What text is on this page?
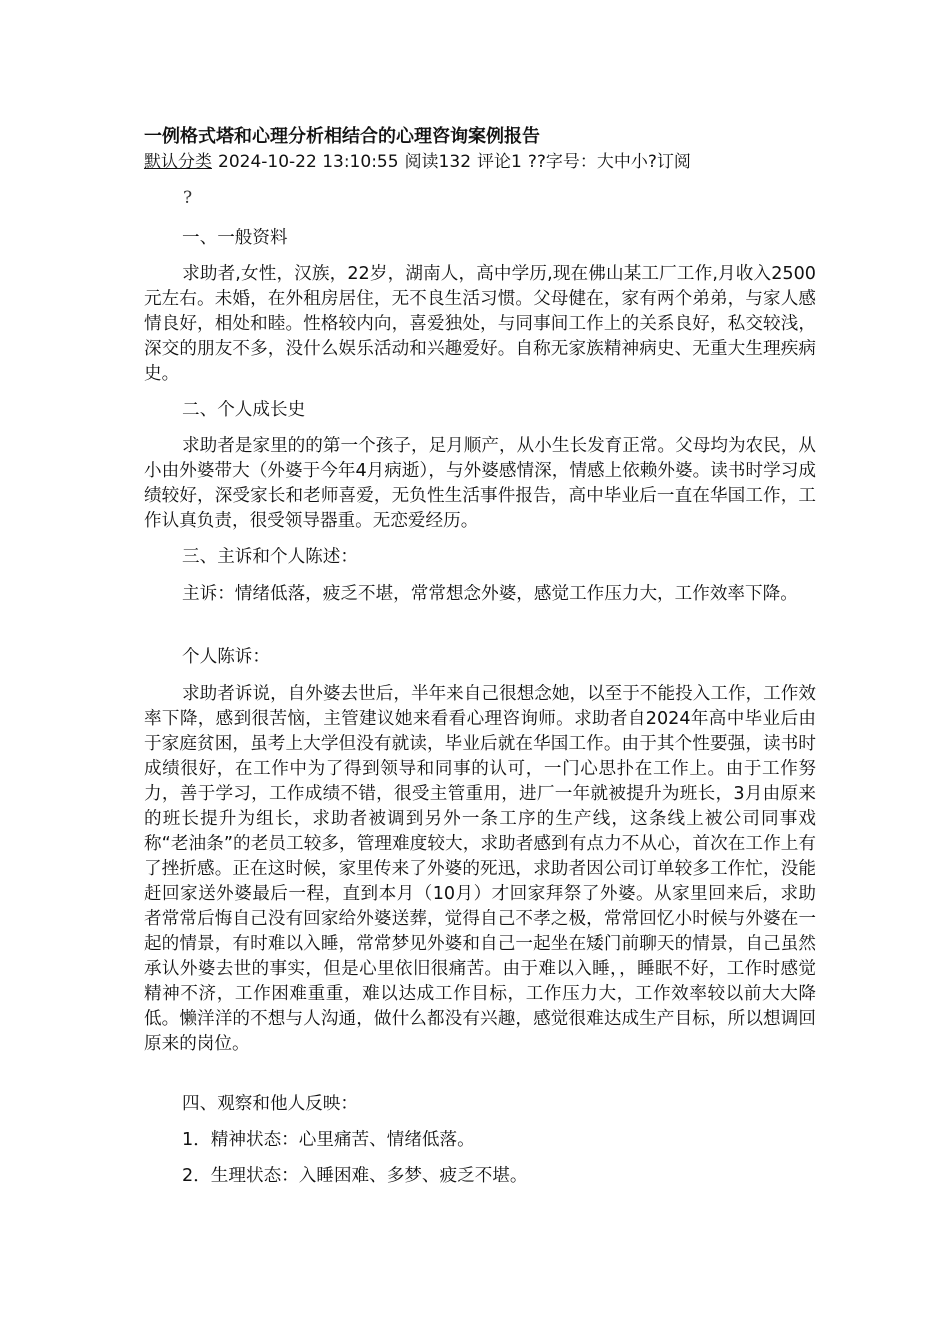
一例格式塔和心理分析相结合的心理咨询案例报告
默认分类 2024-10-22 13:10:55 阅读132 评论1 ??字号：大中小?订阅
?
一、一般资料
求助者,女性，汉族，22岁，湖南人，高中学历,现在佛山某工厂工作,月收入2500元左右。未婚，在外租房居住，无不良生活习惯。父母健在，家有两个弟弟，与家人感情良好，相处和睦。性格较内向，喜爱独处，与同事间工作上的关系良好，私交较浅，深交的朋友不多，没什么娱乐活动和兴趣爱好。自称无家族精神病史、无重大生理疾病史。
二、个人成长史
求助者是家里的的第一个孩子，足月顺产，从小生长发育正常。父母均为农民，从小由外婆带大（外婆于今年4月病逝），与外婆感情深，情感上依赖外婆。读书时学习成绩较好，深受家长和老师喜爱，无负性生活事件报告，高中毕业后一直在华国工作，工作认真负责，很受领导器重。无恋爱经历。
三、主诉和个人陈述：
主诉：情绪低落，疲乏不堪，常常想念外婆，感觉工作压力大，工作效率下降。
个人陈诉：
求助者诉说，自外婆去世后，半年来自己很想念她，以至于不能投入工作，工作效率下降，感到很苦恼，主管建议她来看看心理咨询师。求助者自2024年高中毕业后由于家庭贫困，虽考上大学但没有就读，毕业后就在华国工作。由于其个性要强，读书时成绩很好，在工作中为了得到领导和同事的认可，一门心思扑在工作上。由于工作努力，善于学习，工作成绩不错，很受主管重用，进厂一年就被提升为班长，3月由原来的班长提升为组长，求助者被调到另外一条工序的生产线，这条线上被公司同事戏称“老油条”的老员工较多，管理难度较大，求助者感到有点力不从心，首次在工作上有了挫折感。正在这时候，家里传来了外婆的死迅，求助者因公司订单较多工作忙，没能赶回家送外婆最后一程，直到本月（10月）才回家拜祭了外婆。从家里回来后，求助者常常后悔自己没有回家给外婆送葬，觉得自己不孝之极，常常回忆小时候与外婆在一起的情景，有时难以入睡，常常梦见外婆和自己一起坐在矮门前聊天的情景，自己虽然承认外婆去世的事实，但是心里依旧很痛苦。由于难以入睡，，睡眠不好，工作时感觉精神不济，工作困难重重，难以达成工作目标，工作压力大，工作效率较以前大大降低。懒洋洋的不想与人沟通，做什么都没有兴趣，感觉很难达成生产目标，所以想调回原来的岗位。
四、观察和他人反映：
1．精神状态：心里痛苦、情绪低落。
2．生理状态：入睡困难、多梦、疲乏不堪。
